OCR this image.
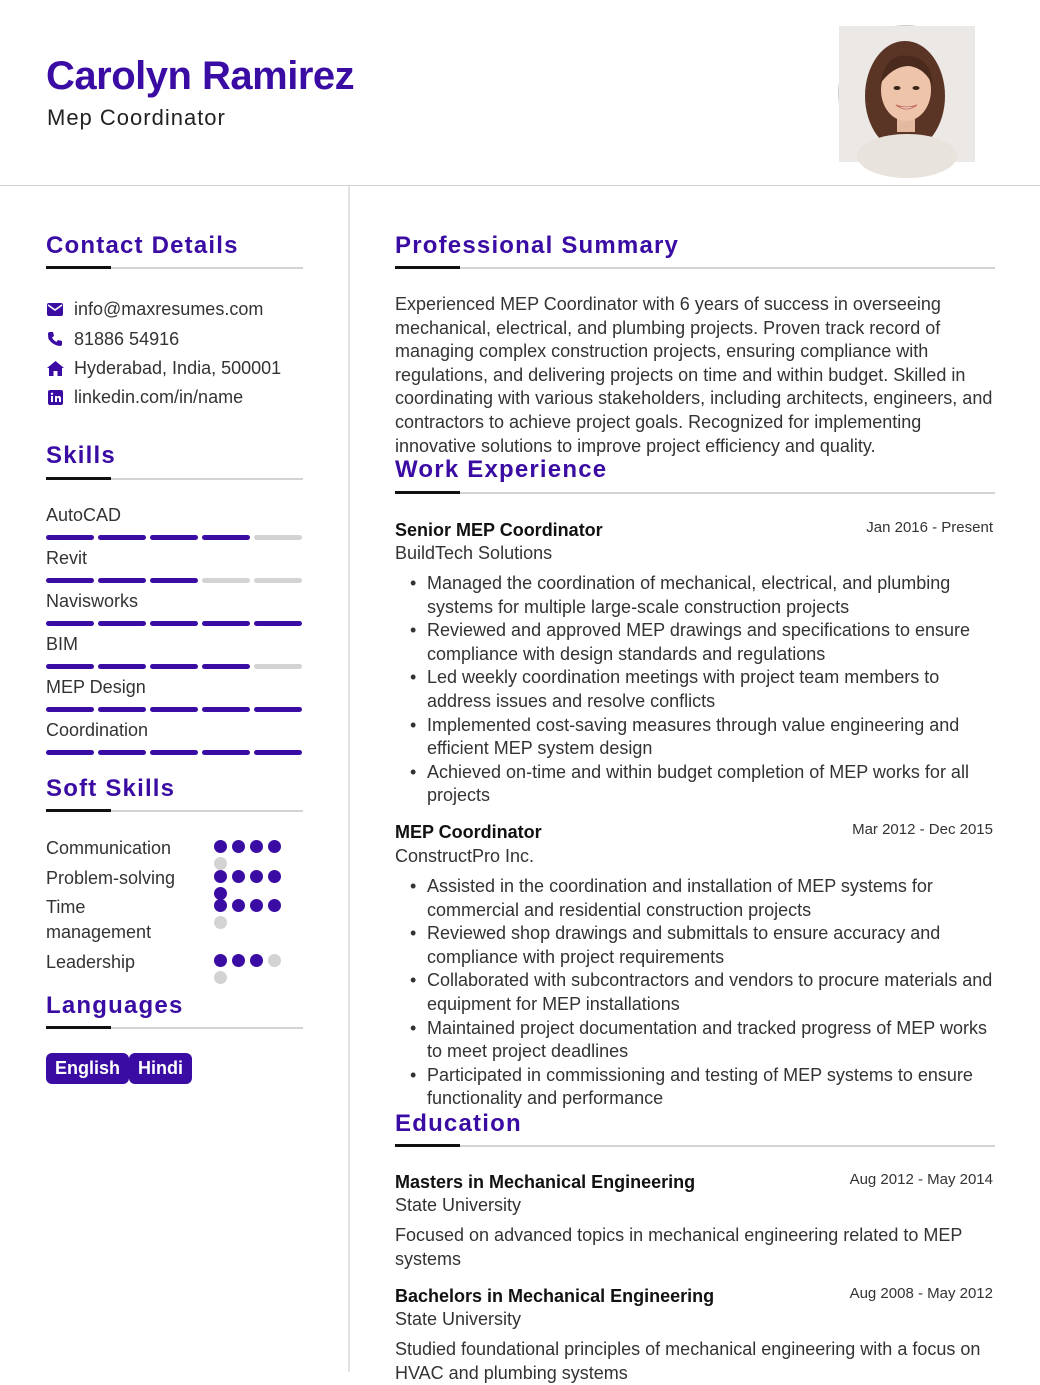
Carolyn Ramirez
Mep Coordinator
Contact Details
info@maxresumes.com
81886 54916
Hyderabad, India, 500001
linkedin.com/in/name
Skills
AutoCAD
Revit
Navisworks
BIM
MEP Design
Coordination
Soft Skills
Communication
Problem-solving
Time management
Leadership
Languages
English Hindi
Professional Summary
Experienced MEP Coordinator with 6 years of success in overseeing mechanical, electrical, and plumbing projects. Proven track record of managing complex construction projects, ensuring compliance with regulations, and delivering projects on time and within budget. Skilled in coordinating with various stakeholders, including architects, engineers, and contractors to achieve project goals. Recognized for implementing innovative solutions to improve project efficiency and quality.
Work Experience
Senior MEP Coordinator	Jan 2016 - Present
BuildTech Solutions
• Managed the coordination of mechanical, electrical, and plumbing systems for multiple large-scale construction projects
• Reviewed and approved MEP drawings and specifications to ensure compliance with design standards and regulations
• Led weekly coordination meetings with project team members to address issues and resolve conflicts
• Implemented cost-saving measures through value engineering and efficient MEP system design
• Achieved on-time and within budget completion of MEP works for all projects
MEP Coordinator	Mar 2012 - Dec 2015
ConstructPro Inc.
• Assisted in the coordination and installation of MEP systems for commercial and residential construction projects
• Reviewed shop drawings and submittals to ensure accuracy and compliance with project requirements
• Collaborated with subcontractors and vendors to procure materials and equipment for MEP installations
• Maintained project documentation and tracked progress of MEP works to meet project deadlines
• Participated in commissioning and testing of MEP systems to ensure functionality and performance
Education
Masters in Mechanical Engineering	Aug 2012 - May 2014
State University
Focused on advanced topics in mechanical engineering related to MEP systems
Bachelors in Mechanical Engineering	Aug 2008 - May 2012
State University
Studied foundational principles of mechanical engineering with a focus on HVAC and plumbing systems
